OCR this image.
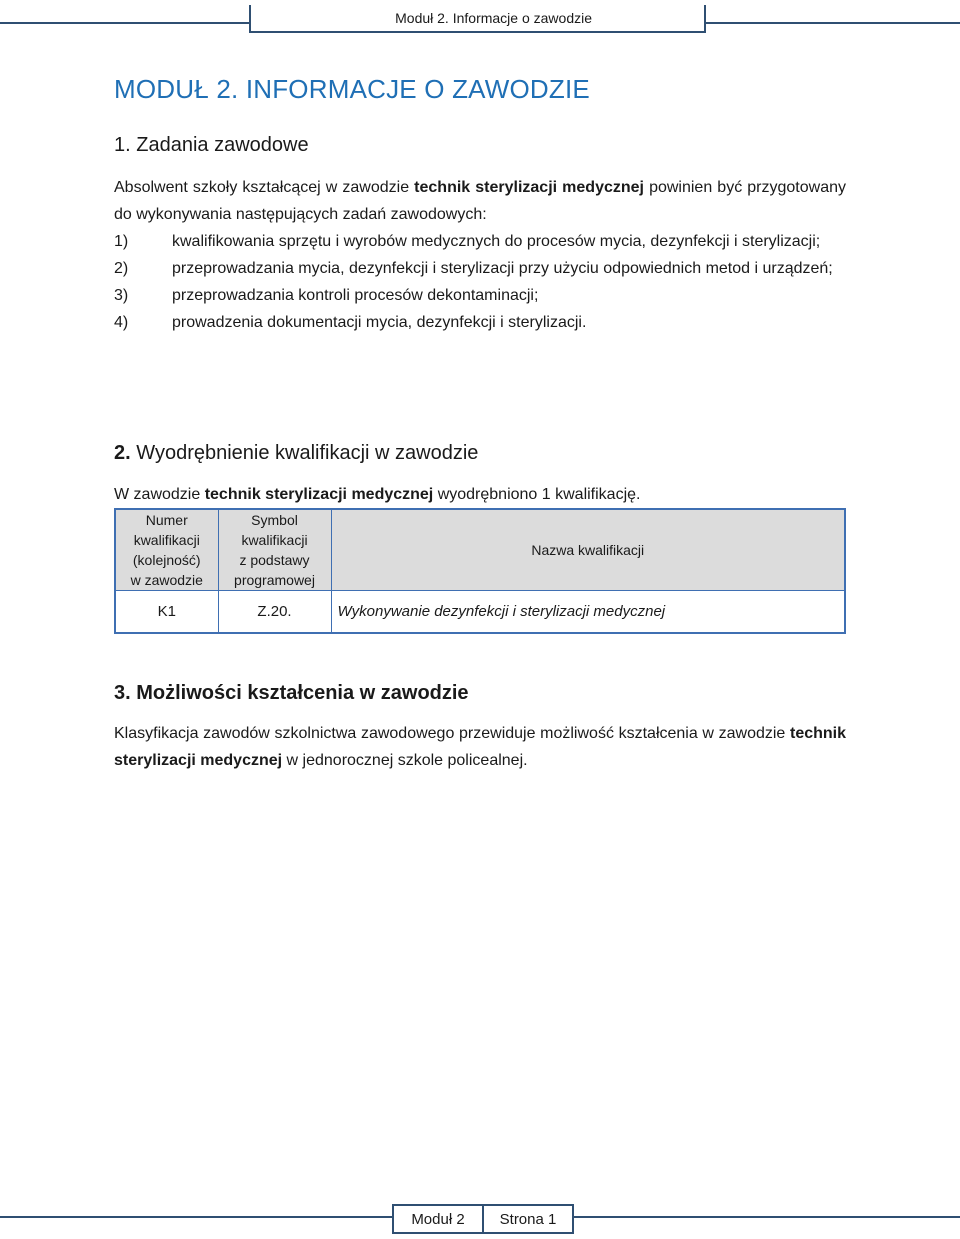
Moduł 2. Informacje o zawodzie
MODUŁ 2. INFORMACJE O ZAWODZIE
1. Zadania zawodowe

Absolwent szkoły kształcącej w zawodzie technik sterylizacji medycznej powinien być przygotowany do wykonywania następujących zadań zawodowych:

1)	kwalifikowania sprzętu i wyrobów medycznych do procesów mycia, dezynfekcji i sterylizacji;
2)	przeprowadzania mycia, dezynfekcji i sterylizacji przy użyciu odpowiednich metod i urządzeń;
3)	przeprowadzania kontroli procesów dekontaminacji;
4)	prowadzenia dokumentacji mycia, dezynfekcji i sterylizacji.
2. Wyodrębnienie kwalifikacji w zawodzie

W zawodzie technik sterylizacji medycznej wyodrębniono 1 kwalifikację.

Numer
kwalifikacji
(kolejność)
w zawodzie	Symbol
kwalifikacji
z podstawy
programowej	Nazwa kwalifikacji
K1	Z.20.	Wykonywanie dezynfekcji i sterylizacji medycznej
3. Możliwości kształcenia w zawodzie

Klasyfikacja zawodów szkolnictwa zawodowego przewiduje możliwość kształcenia w zawodzie technik sterylizacji medycznej w jednorocznej szkole policealnej.

Moduł 2	Strona 1
